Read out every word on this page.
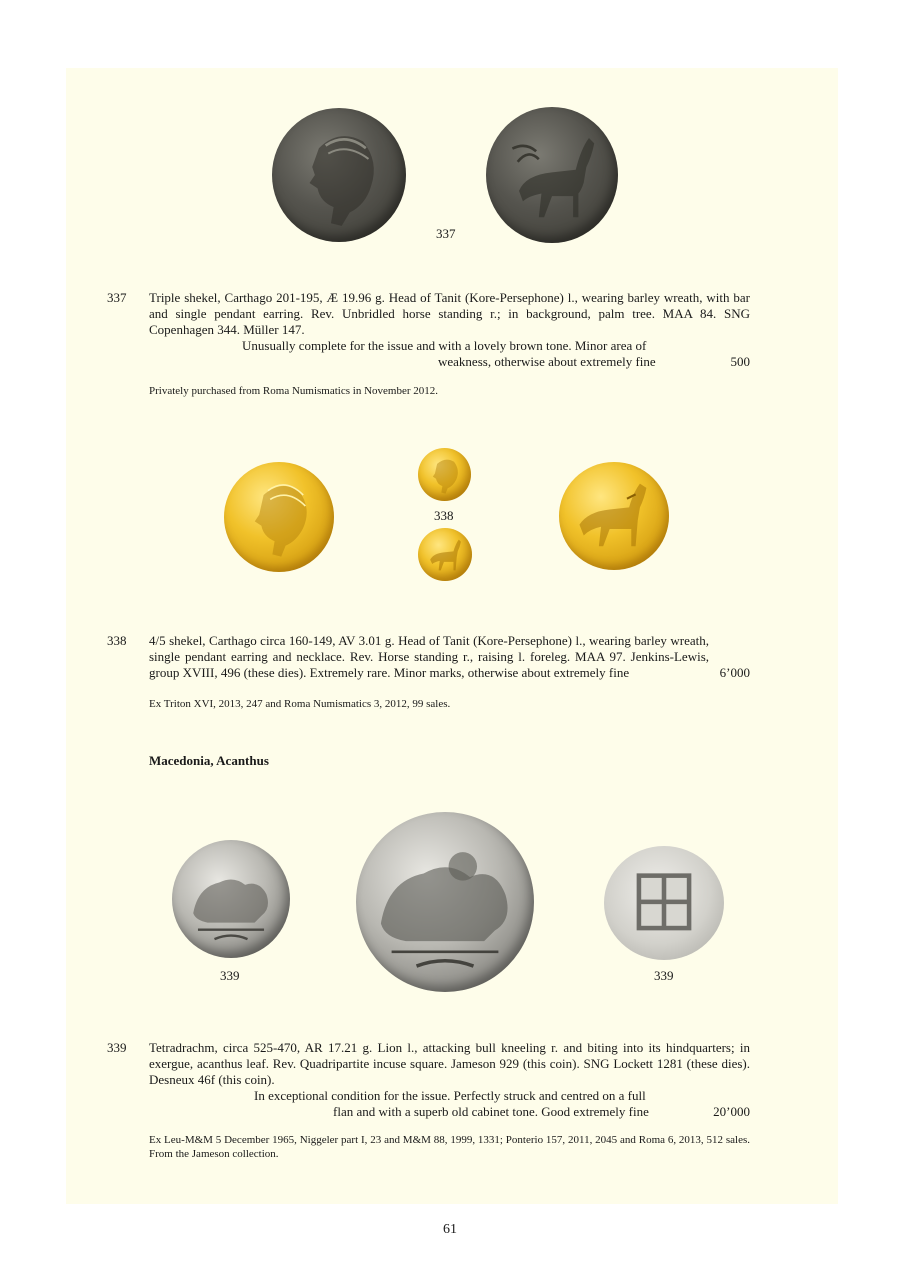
337
337 Triple shekel, Carthago 201-195, Æ 19.96 g. Head of Tanit (Kore-Persephone) l., wearing barley wreath, with bar and single pendant earring. Rev. Unbridled horse standing r.; in background, palm tree. MAA 84. SNG Copenhagen 344. Müller 147.
Unusually complete for the issue and with a lovely brown tone. Minor area of
weakness, otherwise about extremely fine	500
Privately purchased from Roma Numismatics in November 2012.
338
338 4/5 shekel, Carthago circa 160-149, AV 3.01 g. Head of Tanit (Kore-Persephone) l., wearing barley wreath, single pendant earring and necklace. Rev. Horse standing r., raising l. foreleg. MAA 97. Jenkins-Lewis, group XVIII, 496 (these dies). Extremely rare. Minor marks, otherwise about extremely fine	6’000
Ex Triton XVI, 2013, 247 and Roma Numismatics 3, 2012, 99 sales.
Macedonia, Acanthus
339	339
339 Tetradrachm, circa 525-470, AR 17.21 g. Lion l., attacking bull kneeling r. and biting into its hindquarters; in exergue, acanthus leaf. Rev. Quadripartite incuse square. Jameson 929 (this coin). SNG Lockett 1281 (these dies). Desneux 46f (this coin).
In exceptional condition for the issue. Perfectly struck and centred on a full
flan and with a superb old cabinet tone. Good extremely fine	20’000
Ex Leu-M&M 5 December 1965, Niggeler part I, 23 and M&M 88, 1999, 1331; Ponterio 157, 2011, 2045 and Roma 6, 2013, 512 sales. From the Jameson collection.
61
